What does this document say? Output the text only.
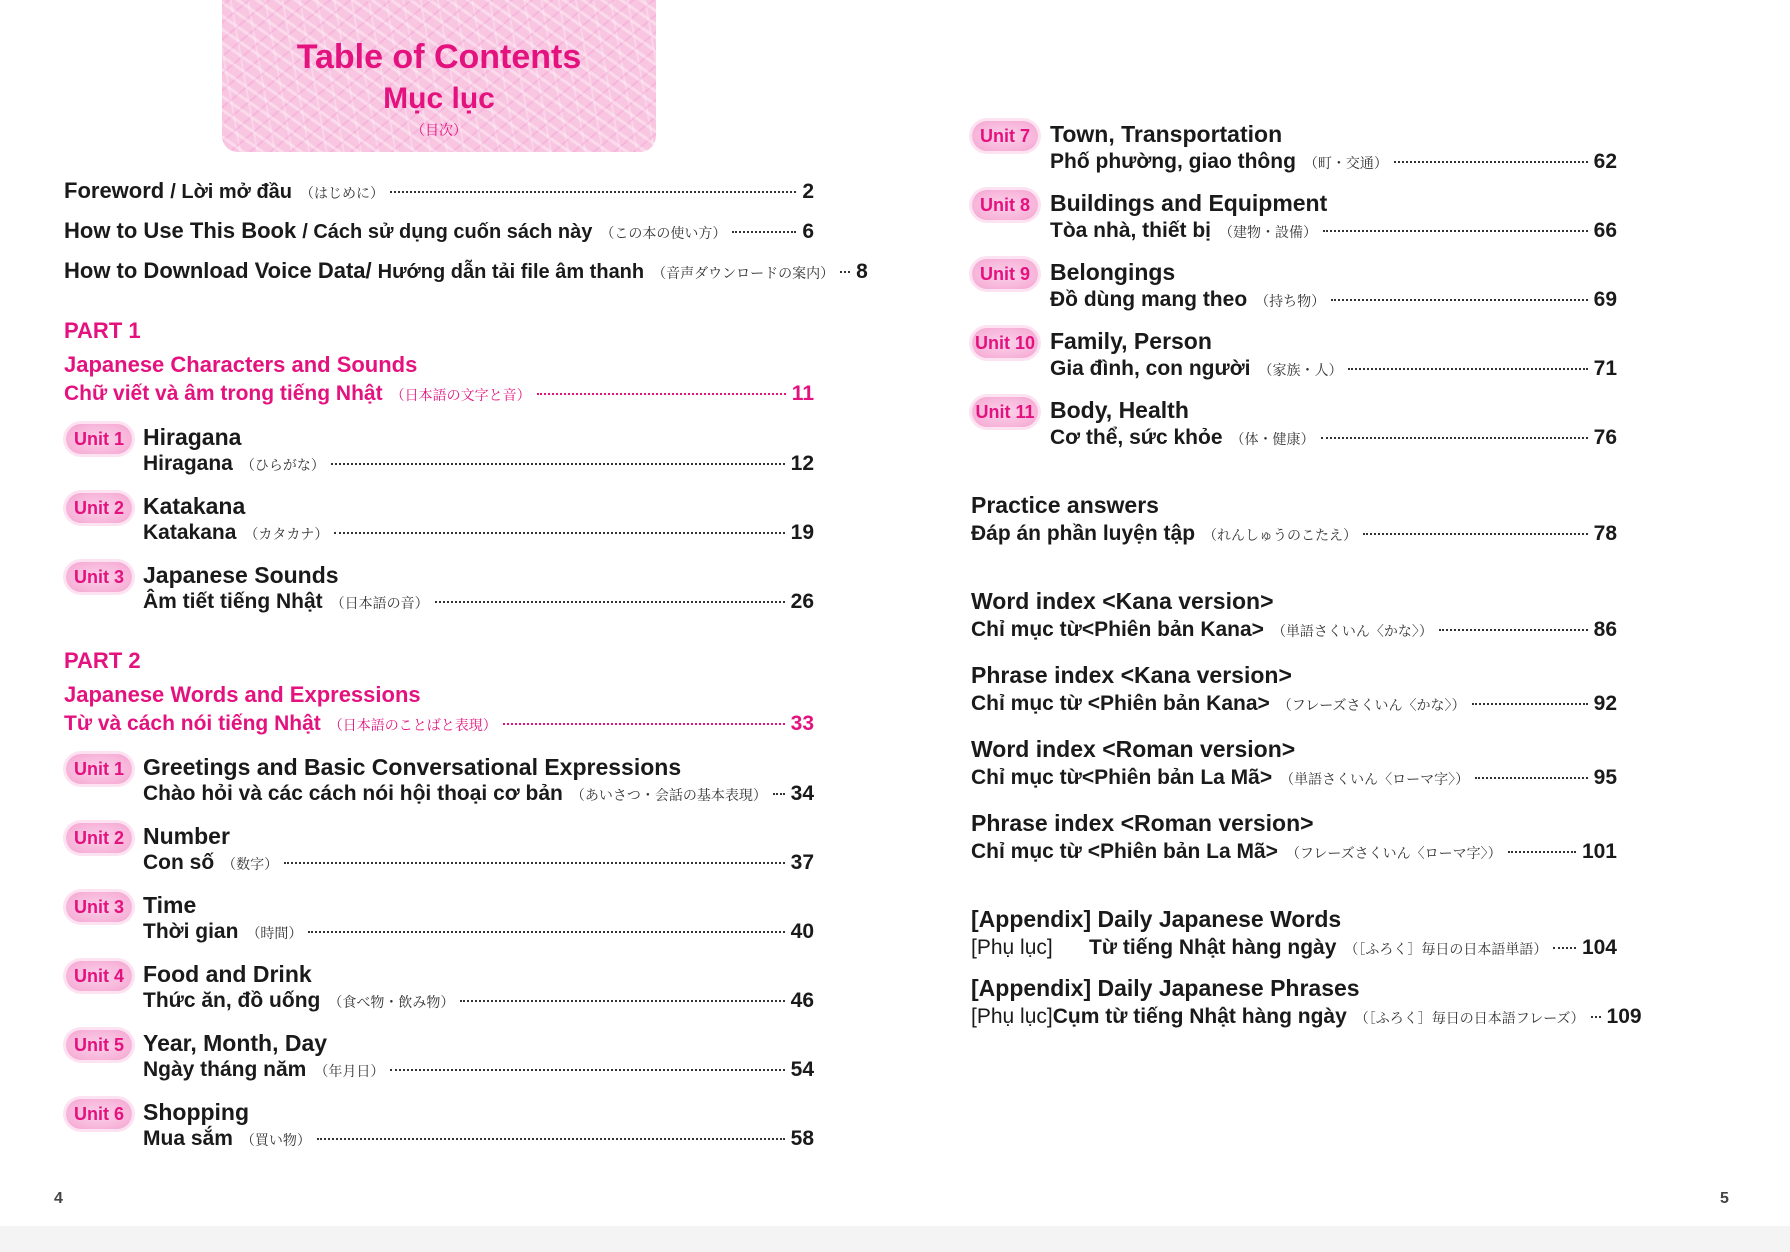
Table of Contents
Mục lục
（目次）
Foreword / Lời mở đầu （はじめに）	2
How to Use This Book / Cách sử dụng cuốn sách này （この本の使い方）	6
How to Download Voice Data/ Hướng dẫn tải file âm thanh （音声ダウンロードの案内） 8
PART 1
Japanese Characters and Sounds
Chữ viết và âm trong tiếng Nhật （日本語の文字と音）	11
Unit 1 Hiragana
Hiragana （ひらがな）	12
Unit 2 Katakana
Katakana （カタカナ）	19
Unit 3 Japanese Sounds
Âm tiết tiếng Nhật （日本語の音）	26
PART 2
Japanese Words and Expressions
Từ và cách nói tiếng Nhật （日本語のことばと表現）	33
Unit 1 Greetings and Basic Conversational Expressions
Chào hỏi và các cách nói hội thoại cơ bản （あいさつ・会話の基本表現） 34
Unit 2 Number
Con số （数字）	37
Unit 3 Time
Thời gian （時間）	40
Unit 4 Food and Drink
Thức ăn, đồ uống （食べ物・飲み物）	46
Unit 5 Year, Month, Day
Ngày tháng năm （年月日）	54
Unit 6 Shopping
Mua sắm （買い物）	58
4
Unit 7 Town, Transportation
Phố phường, giao thông （町・交通）	62
Unit 8 Buildings and Equipment
Tòa nhà, thiết bị （建物・設備）	66
Unit 9 Belongings
Đồ dùng mang theo （持ち物）	69
Unit 10 Family, Person
Gia đình, con người （家族・人）	71
Unit 11 Body, Health
Cơ thể, sức khỏe （体・健康）	76
Practice answers
Đáp án phần luyện tập （れんしゅうのこたえ）	78
Word index <Kana version>
Chỉ mục từ<Phiên bản Kana> （単語さくいん〈かな〉）	86
Phrase index <Kana version>
Chỉ mục từ <Phiên bản Kana> （フレーズさくいん〈かな〉）	92
Word index <Roman version>
Chỉ mục từ<Phiên bản La Mã> （単語さくいん〈ローマ字〉）	95
Phrase index <Roman version>
Chỉ mục từ <Phiên bản La Mã> （フレーズさくいん〈ローマ字〉）	101
[Appendix] Daily Japanese Words
[Phụ lục]	Từ tiếng Nhật hàng ngày （［ふろく］毎日の日本語単語） 104
[Appendix] Daily Japanese Phrases
[Phụ lục] Cụm từ tiếng Nhật hàng ngày （［ふろく］毎日の日本語フレーズ） 109
5
